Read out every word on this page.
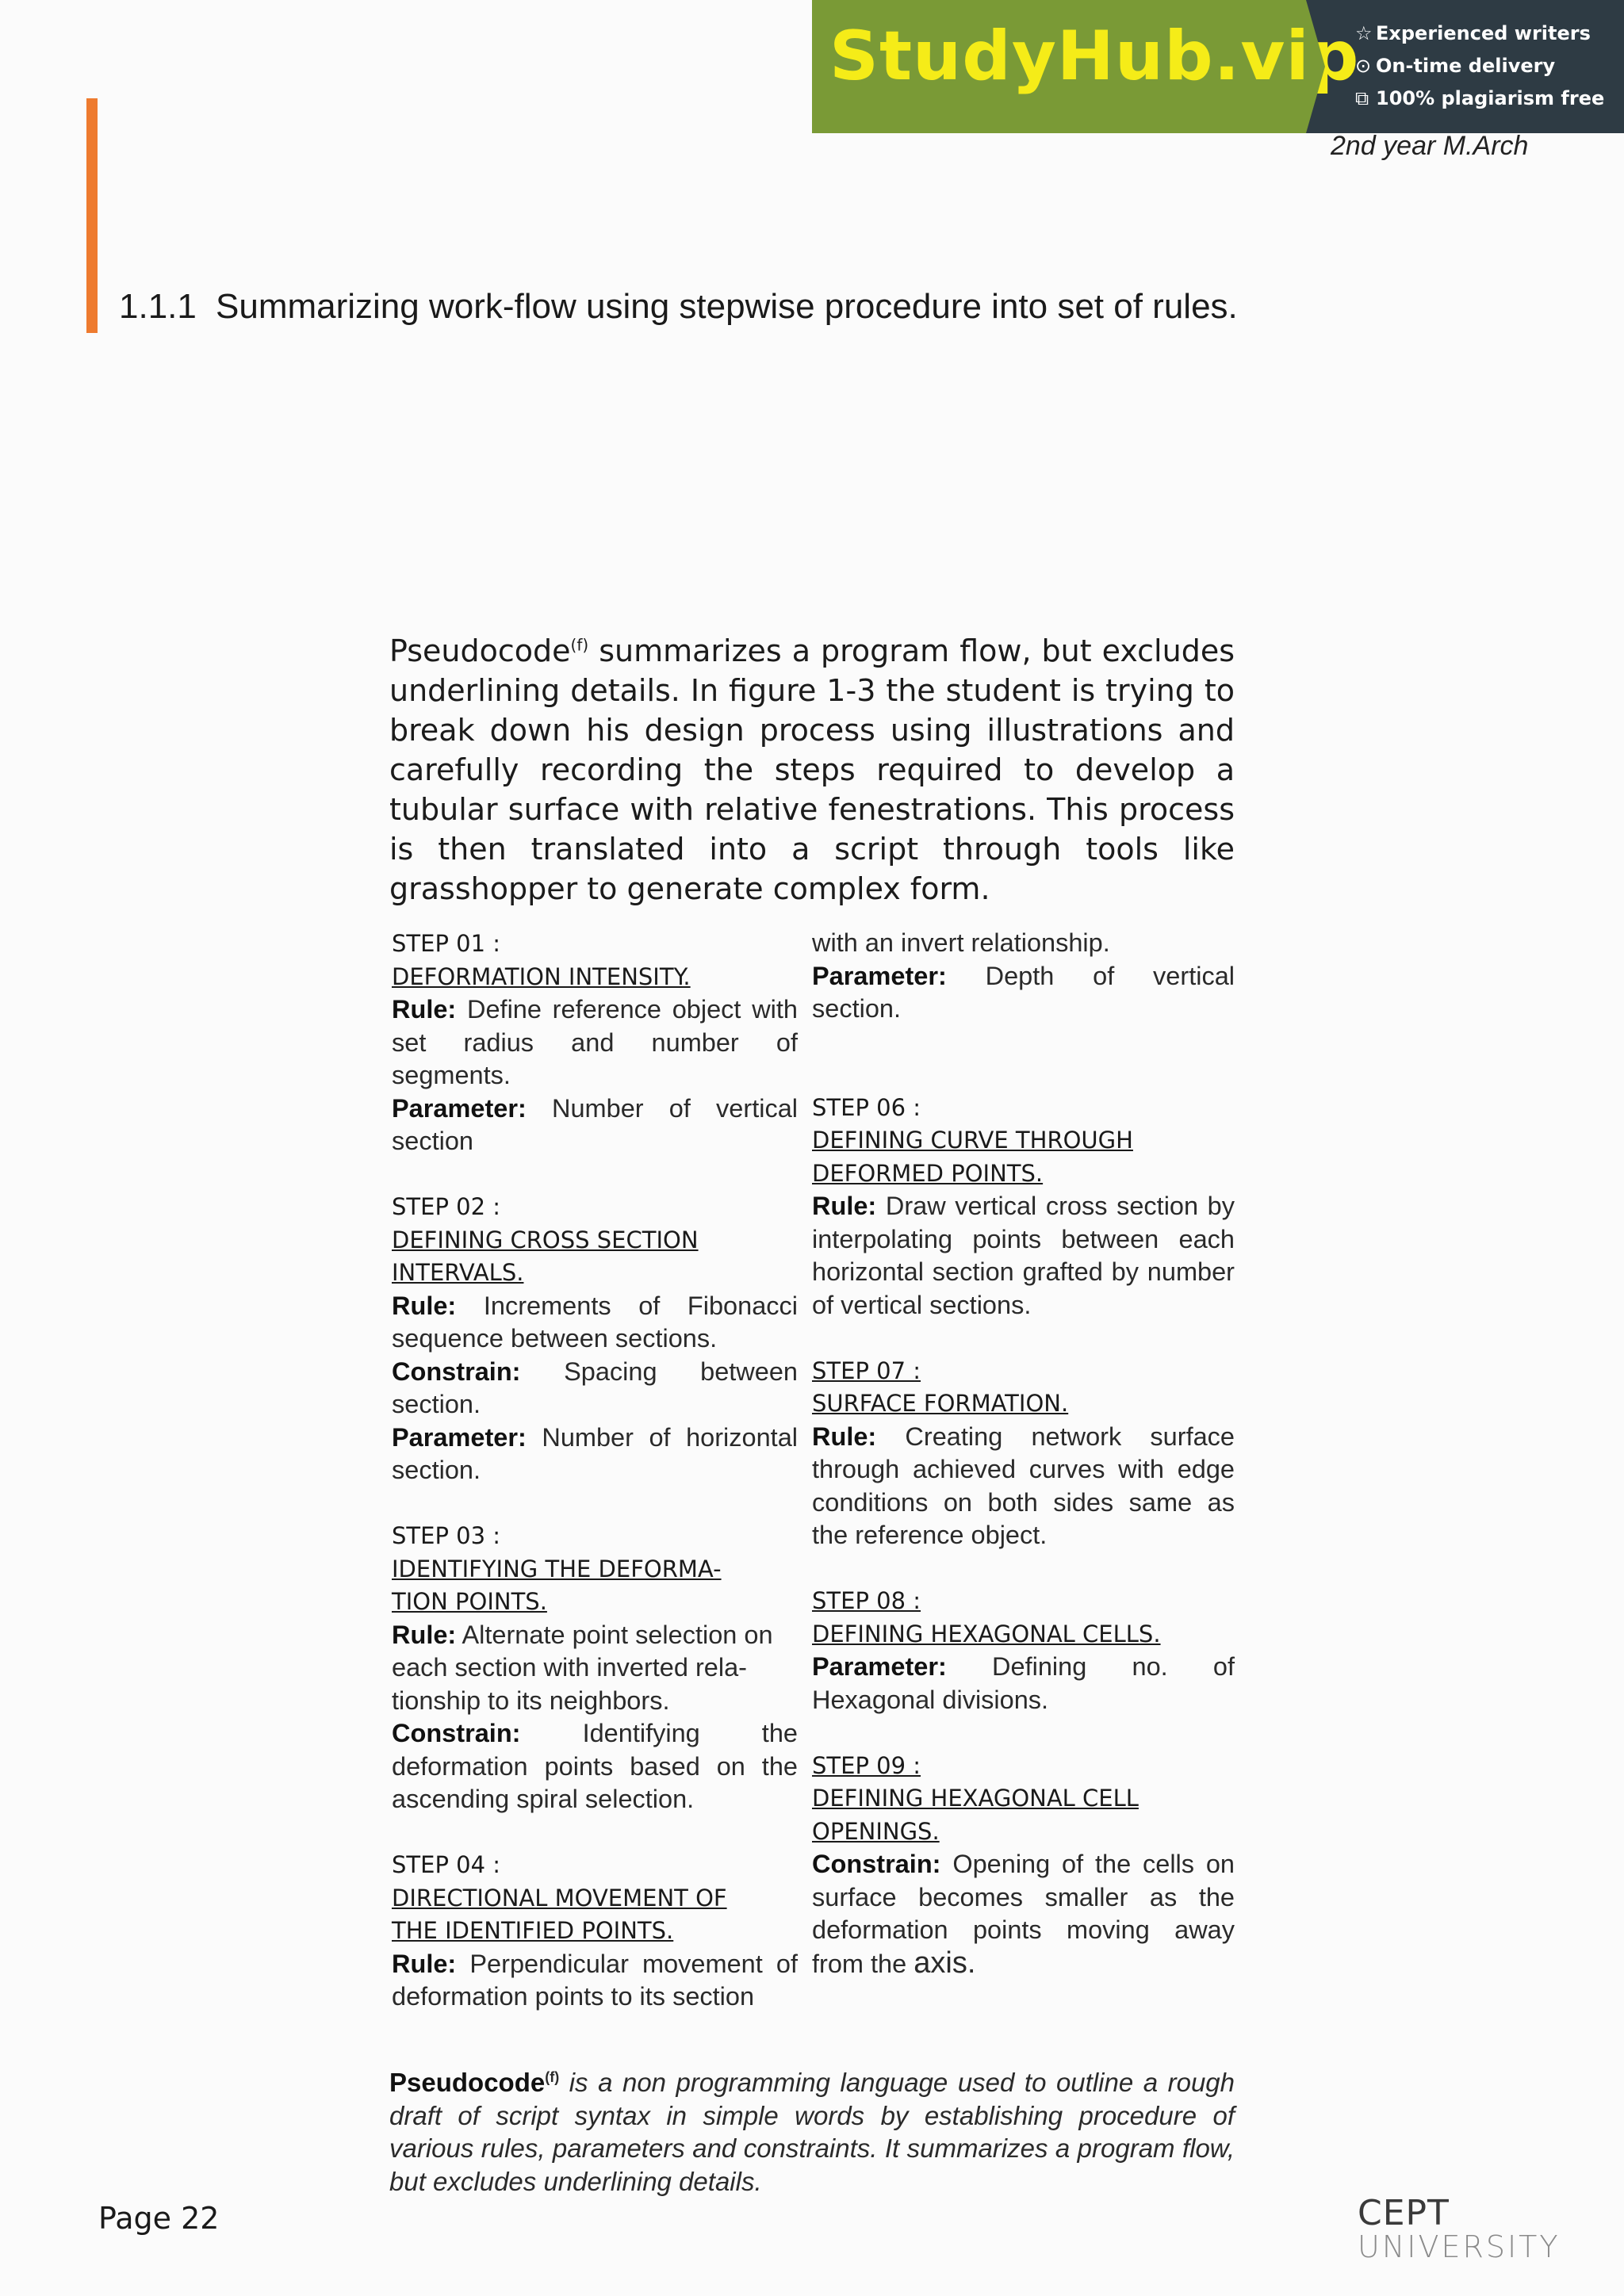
StudyHub.vip
☆ Experienced writers
⊙ On-time delivery
⧉ 100% plagiarism free
2nd year M.Arch
1.1.1 Summarizing work-flow using stepwise procedure into set of rules.
Pseudocode$^{(f)}$ summarizes a program flow, but excludes underlining details. In figure 1-3 the student is trying to break down his design process using illustrations and carefully recording the steps required to develop a tubular surface with relative fenestrations. This process is then translated into a script through tools like grasshopper to generate complex form.
STEP 01 :
DEFORMATION INTENSITY.
Rule: Define reference object with set radius and number of segments.
Parameter: Number of vertical section
STEP 02 :
DEFINING CROSS SECTION
INTERVALS.
Rule: Increments of Fibonacci sequence between sections.
Constrain: Spacing between section.
Parameter: Number of horizontal section.
STEP 03 :
IDENTIFYING THE DEFORMA-
TION POINTS.
Rule: Alternate point selection on each section with inverted rela-tionship to its neighbors.
Constrain: Identifying the deformation points based on the ascending spiral selection.
STEP 04 :
DIRECTIONAL MOVEMENT OF
THE IDENTIFIED POINTS.
Rule: Perpendicular movement of deformation points to its section
with an invert relationship.
Parameter: Depth of vertical section.
STEP 06 :
DEFINING CURVE THROUGH
DEFORMED POINTS.
Rule: Draw vertical cross section by interpolating points between each horizontal section grafted by number of vertical sections.
STEP 07 :
SURFACE FORMATION.
Rule: Creating network surface through achieved curves with edge conditions on both sides same as the reference object.
STEP 08 :
DEFINING HEXAGONAL CELLS.
Parameter: Defining no. of Hexagonal divisions.
STEP 09 :
DEFINING HEXAGONAL CELL
OPENINGS.
Constrain: Opening of the cells on surface becomes smaller as the deformation points moving away from the axis.
Pseudocode$^{(f)}$ is a non programming language used to outline a rough draft of script syntax in simple words by establishing procedure of various rules, parameters and constraints. It summarizes a program flow, but excludes underlining details.
Page 22	CEPT
UNIVERSITY
